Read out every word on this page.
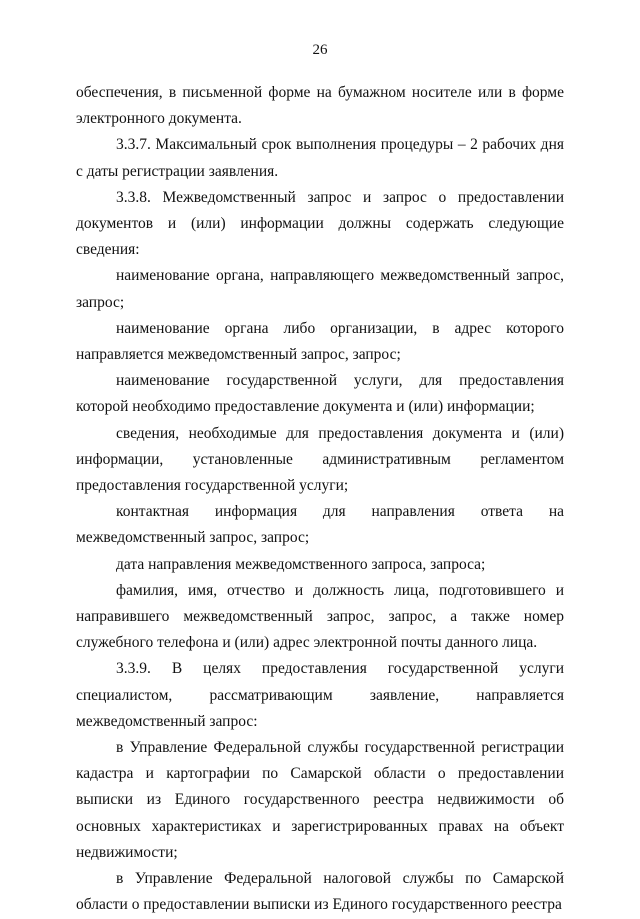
26

обеспечения, в письменной форме на бумажном носителе или в форме электронного документа.

3.3.7. Максимальный срок выполнения процедуры – 2 рабочих дня с даты регистрации заявления.

3.3.8. Межведомственный запрос и запрос о предоставлении документов и (или) информации должны содержать следующие сведения:

наименование органа, направляющего межведомственный запрос, запрос;

наименование органа либо организации, в адрес которого направляется межведомственный запрос, запрос;

наименование государственной услуги, для предоставления которой необходимо предоставление документа и (или) информации;

сведения, необходимые для предоставления документа и (или) информации, установленные административным регламентом предоставления государственной услуги;

контактная информация для направления ответа на межведомственный запрос, запрос;

дата направления межведомственного запроса, запроса;

фамилия, имя, отчество и должность лица, подготовившего и направившего межведомственный запрос, запрос, а также номер служебного телефона и (или) адрес электронной почты данного лица.

3.3.9. В целях предоставления государственной услуги специалистом, рассматривающим заявление, направляется межведомственный запрос:

в Управление Федеральной службы государственной регистрации кадастра и картографии по Самарской области о предоставлении выписки из Единого государственного реестра недвижимости об основных характеристиках и зарегистрированных правах на объект недвижимости;

в Управление Федеральной налоговой службы по Самарской области о предоставлении выписки из Единого государственного реестра
